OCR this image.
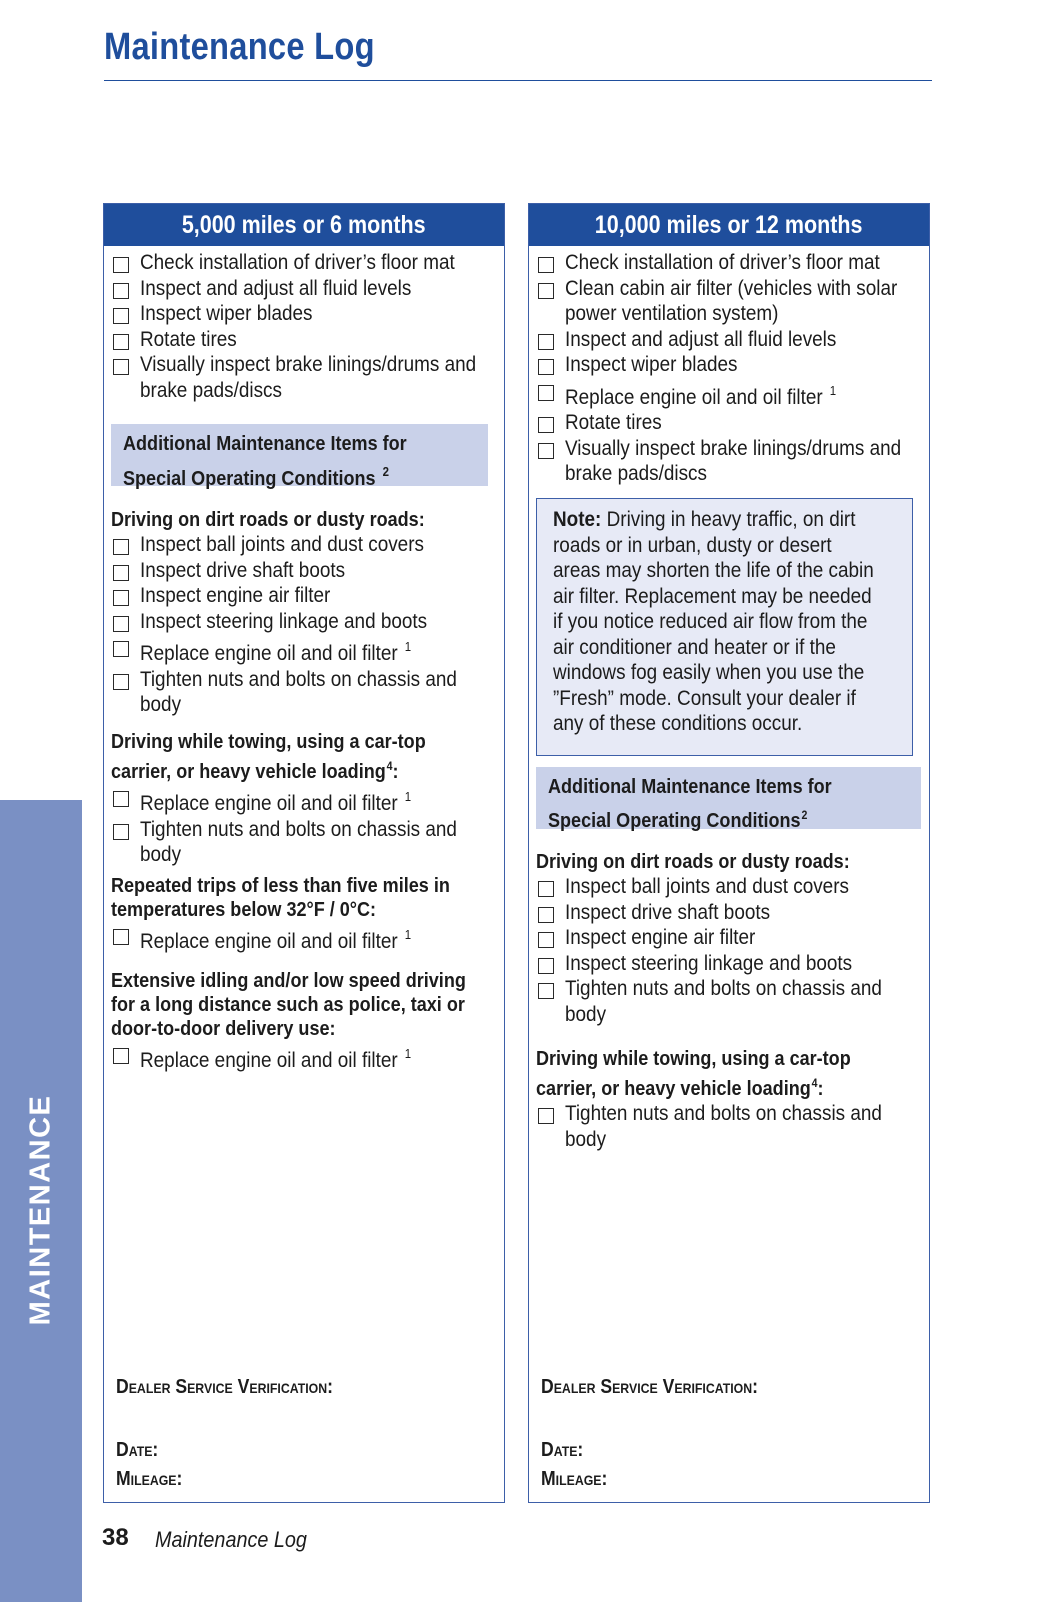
Maintenance Log
MAINTENANCE
5,000 miles or 6 months
Check installation of driver’s floor mat
Inspect and adjust all fluid levels
Inspect wiper blades
Rotate tires
Visually inspect brake linings/drums and
brake pads/discs
Additional Maintenance Items for
Special Operating Conditions $^2$
Driving on dirt roads or dusty roads:
Inspect ball joints and dust covers
Inspect drive shaft boots
Inspect engine air filter
Inspect steering linkage and boots
Replace engine oil and oil filter $^1$
Tighten nuts and bolts on chassis and
body
Driving while towing, using a car-top
carrier, or heavy vehicle loading$^4$:
Replace engine oil and oil filter $^1$
Tighten nuts and bolts on chassis and
body
Repeated trips of less than five miles in
temperatures below 32°F / 0°C:
Replace engine oil and oil filter $^1$
Extensive idling and/or low speed driving
for a long distance such as police, taxi or
door-to-door delivery use:
Replace engine oil and oil filter $^1$
Dealer Service Verification:
Date:
Mileage:
10,000 miles or 12 months
Check installation of driver’s floor mat
Clean cabin air filter (vehicles with solar
power ventilation system)
Inspect and adjust all fluid levels
Inspect wiper blades
Replace engine oil and oil filter $^1$
Rotate tires
Visually inspect brake linings/drums and
brake pads/discs
Note: Driving in heavy traffic, on dirt
roads or in urban, dusty or desert
areas may shorten the life of the cabin
air filter. Replacement may be needed
if you notice reduced air flow from the
air conditioner and heater or if the
windows fog easily when you use the
”Fresh” mode. Consult your dealer if
any of these conditions occur.
Additional Maintenance Items for
Special Operating Conditions$^2$
Driving on dirt roads or dusty roads:
Inspect ball joints and dust covers
Inspect drive shaft boots
Inspect engine air filter
Inspect steering linkage and boots
Tighten nuts and bolts on chassis and
body
Driving while towing, using a car-top
carrier, or heavy vehicle loading$^4$:
Tighten nuts and bolts on chassis and
body
Dealer Service Verification:
Date:
Mileage:
38 Maintenance Log
